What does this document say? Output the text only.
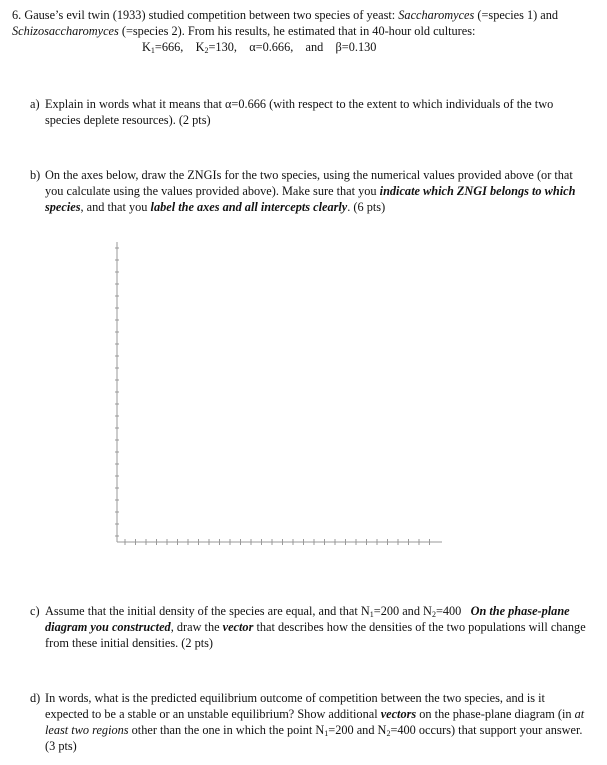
6. Gause’s evil twin (1933) studied competition between two species of yeast: Saccharomyces (=species 1) and Schizosaccharomyces (=species 2). From his results, he estimated that in 40-hour old cultures:
$K_1=666$, $K_2=130$, α=0.666, and β=0.130
a) Explain in words what it means that α=0.666 (with respect to the extent to which individuals of the two species deplete resources). (2 pts)
b) On the axes below, draw the ZNGIs for the two species, using the numerical values provided above (or that you calculate using the values provided above). Make sure that you indicate which ZNGI belongs to which species, and that you label the axes and all intercepts clearly. (6 pts)
c) Assume that the initial density of the species are equal, and that $N_1=200$ and $N_2=400$ On the phase-plane diagram you constructed, draw the vector that describes how the densities of the two populations will change from these initial densities. (2 pts)
d) In words, what is the predicted equilibrium outcome of competition between the two species, and is it expected to be a stable or an unstable equilibrium? Show additional vectors on the phase-plane diagram (in at least two regions other than the one in which the point $N_1=200$ and $N_2=400$ occurs) that support your answer. (3 pts)
